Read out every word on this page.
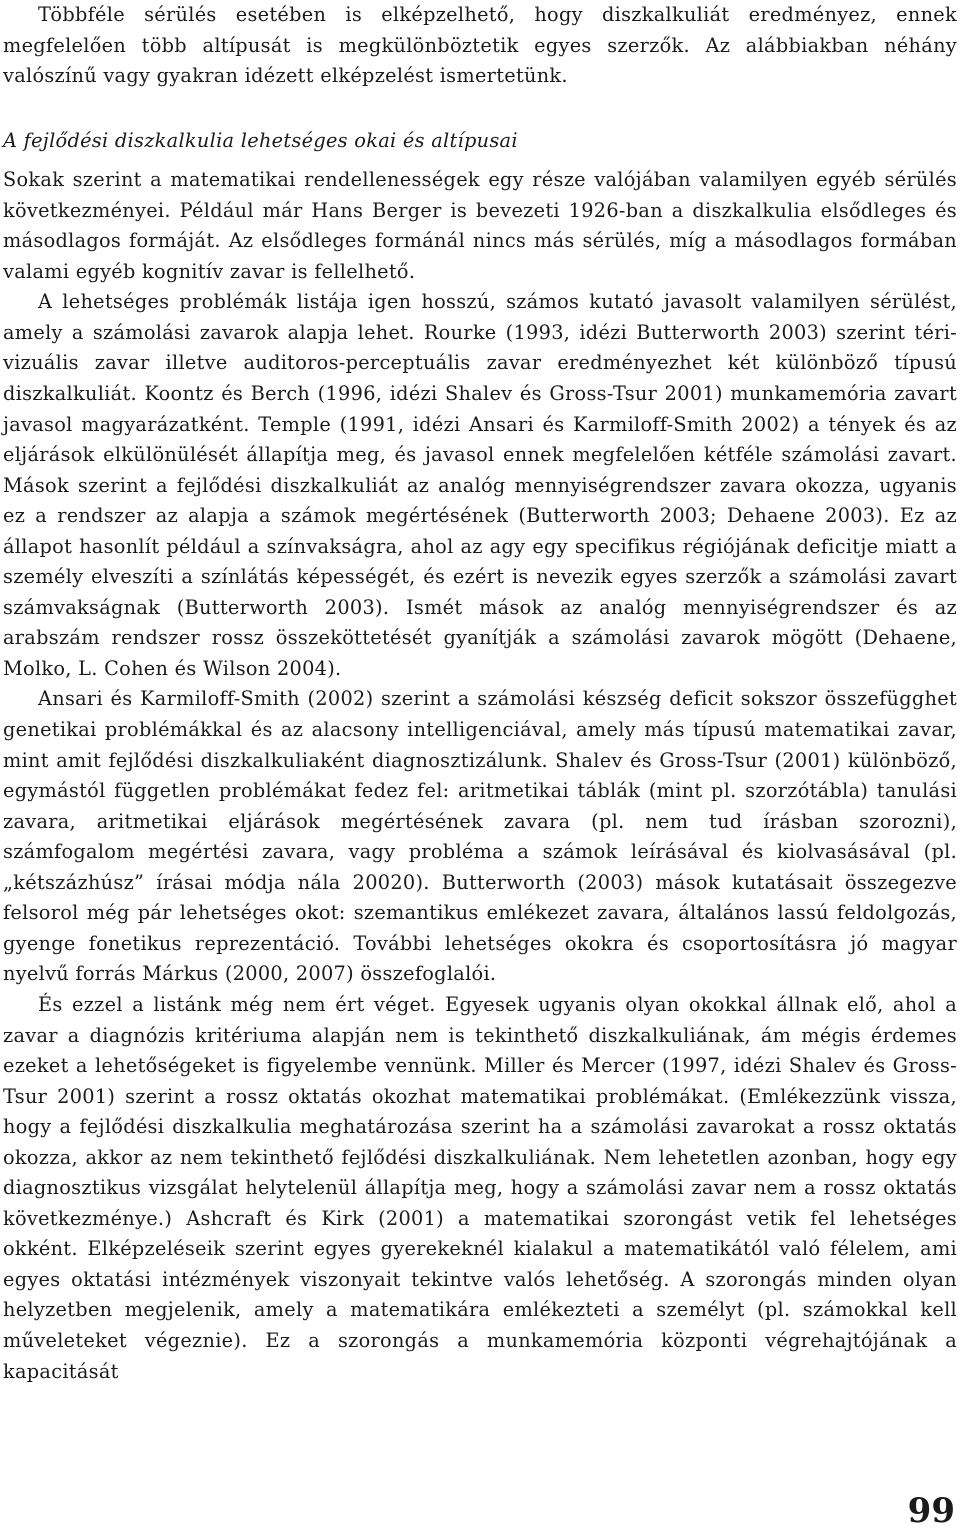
Többféle sérülés esetében is elképzelhető, hogy diszkalkuliát eredményez, ennek megfelelően több altípusát is megkülönböztetik egyes szerzők. Az alábbiakban néhány valószínű vagy gyakran idézett elképzelést ismertetünk.

A fejlődési diszkalkulia lehetséges okai és altípusai

Sokak szerint a matematikai rendellenességek egy része valójában valamilyen egyéb sérülés következményei. Például már Hans Berger is bevezeti 1926-ban a diszkalkulia elsődleges és másodlagos formáját. Az elsődleges formánál nincs más sérülés, míg a másodlagos formában valami egyéb kognitív zavar is fellelhető.

A lehetséges problémák listája igen hosszú, számos kutató javasolt valamilyen sérülést, amely a számolási zavarok alapja lehet. Rourke (1993, idézi Butterworth 2003) szerint téri-vizuális zavar illetve auditoros-perceptuális zavar eredményezhet két különböző típusú diszkalkuliát. Koontz és Berch (1996, idézi Shalev és Gross-Tsur 2001) munkamemória zavart javasol magyarázatként. Temple (1991, idézi Ansari és Karmiloff-Smith 2002) a tények és az eljárások elkülönülését állapítja meg, és javasol ennek megfelelően kétféle számolási zavart. Mások szerint a fejlődési diszkalkuliát az analóg mennyiségrendszer zavara okozza, ugyanis ez a rendszer az alapja a számok megértésének (Butterworth 2003; Dehaene 2003). Ez az állapot hasonlít például a színvakságra, ahol az agy egy specifikus régiójának deficitje miatt a személy elveszíti a színlátás képességét, és ezért is nevezik egyes szerzők a számolási zavart számvakságnak (Butterworth 2003). Ismét mások az analóg mennyiségrendszer és az arabszám rendszer rossz összeköttetését gyanítják a számolási zavarok mögött (Dehaene, Molko, L. Cohen és Wilson 2004).

Ansari és Karmiloff-Smith (2002) szerint a számolási készség deficit sokszor összefügghet genetikai problémákkal és az alacsony intelligenciával, amely más típusú matematikai zavar, mint amit fejlődési diszkalkuliaként diagnosztizálunk. Shalev és Gross-Tsur (2001) különböző, egymástól független problémákat fedez fel: aritmetikai táblák (mint pl. szorzótábla) tanulási zavara, aritmetikai eljárások megértésének zavara (pl. nem tud írásban szorozni), számfogalom megértési zavara, vagy probléma a számok leírásával és kiolvasásával (pl. „kétszázhúsz” írásai módja nála 20020). Butterworth (2003) mások kutatásait összegezve felsorol még pár lehetséges okot: szemantikus emlékezet zavara, általános lassú feldolgozás, gyenge fonetikus reprezentáció. További lehetséges okokra és csoportosításra jó magyar nyelvű forrás Márkus (2000, 2007) összefoglalói.

És ezzel a listánk még nem ért véget. Egyesek ugyanis olyan okokkal állnak elő, ahol a zavar a diagnózis kritériuma alapján nem is tekinthető diszkalkuliának, ám mégis érdemes ezeket a lehetőségeket is figyelembe vennünk. Miller és Mercer (1997, idézi Shalev és Gross-Tsur 2001) szerint a rossz oktatás okozhat matematikai problémákat. (Emlékezzünk vissza, hogy a fejlődési diszkalkulia meghatározása szerint ha a számolási zavarokat a rossz oktatás okozza, akkor az nem tekinthető fejlődési diszkalkuliának. Nem lehetetlen azonban, hogy egy diagnosztikus vizsgálat helytelenül állapítja meg, hogy a számolási zavar nem a rossz oktatás következménye.) Ashcraft és Kirk (2001) a matematikai szorongást vetik fel lehetséges okként. Elképzeléseik szerint egyes gyerekeknél kialakul a matematikától való félelem, ami egyes oktatási intézmények viszonyait tekintve valós lehetőség. A szorongás minden olyan helyzetben megjelenik, amely a matematikára emlékezteti a személyt (pl. számokkal kell műveleteket végeznie). Ez a szorongás a munkamemória központi végrehajtójának a kapacitását

99
